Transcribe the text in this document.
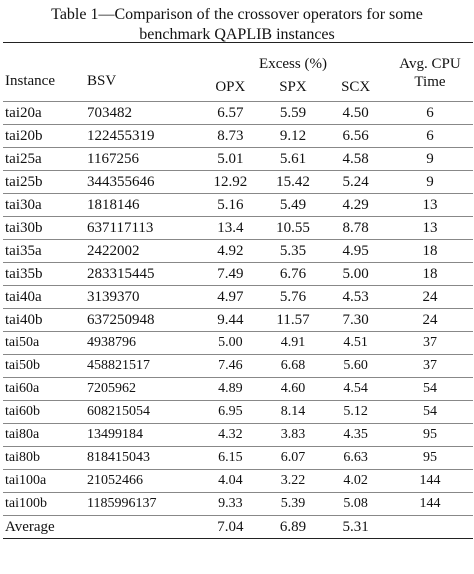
Table 1—Comparison of the crossover operators for some
benchmark QAPLIB instances
		Excess (%)			Avg. CPU
Instance	BSV	OPX	SPX	SCX	Time
tai20a	703482	6.57	5.59	4.50	6
tai20b	122455319	8.73	9.12	6.56	6
tai25a	1167256	5.01	5.61	4.58	9
tai25b	344355646	12.92	15.42	5.24	9
tai30a	1818146	5.16	5.49	4.29	13
tai30b	637117113	13.4	10.55	8.78	13
tai35a	2422002	4.92	5.35	4.95	18
tai35b	283315445	7.49	6.76	5.00	18
tai40a	3139370	4.97	5.76	4.53	24
tai40b	637250948	9.44	11.57	7.30	24
tai50a	4938796	5.00	4.91	4.51	37
tai50b	458821517	7.46	6.68	5.60	37
tai60a	7205962	4.89	4.60	4.54	54
tai60b	608215054	6.95	8.14	5.12	54
tai80a	13499184	4.32	3.83	4.35	95
tai80b	818415043	6.15	6.07	6.63	95
tai100a	21052466	4.04	3.22	4.02	144
tai100b	1185996137	9.33	5.39	5.08	144
Average		7.04	6.89	5.31	
